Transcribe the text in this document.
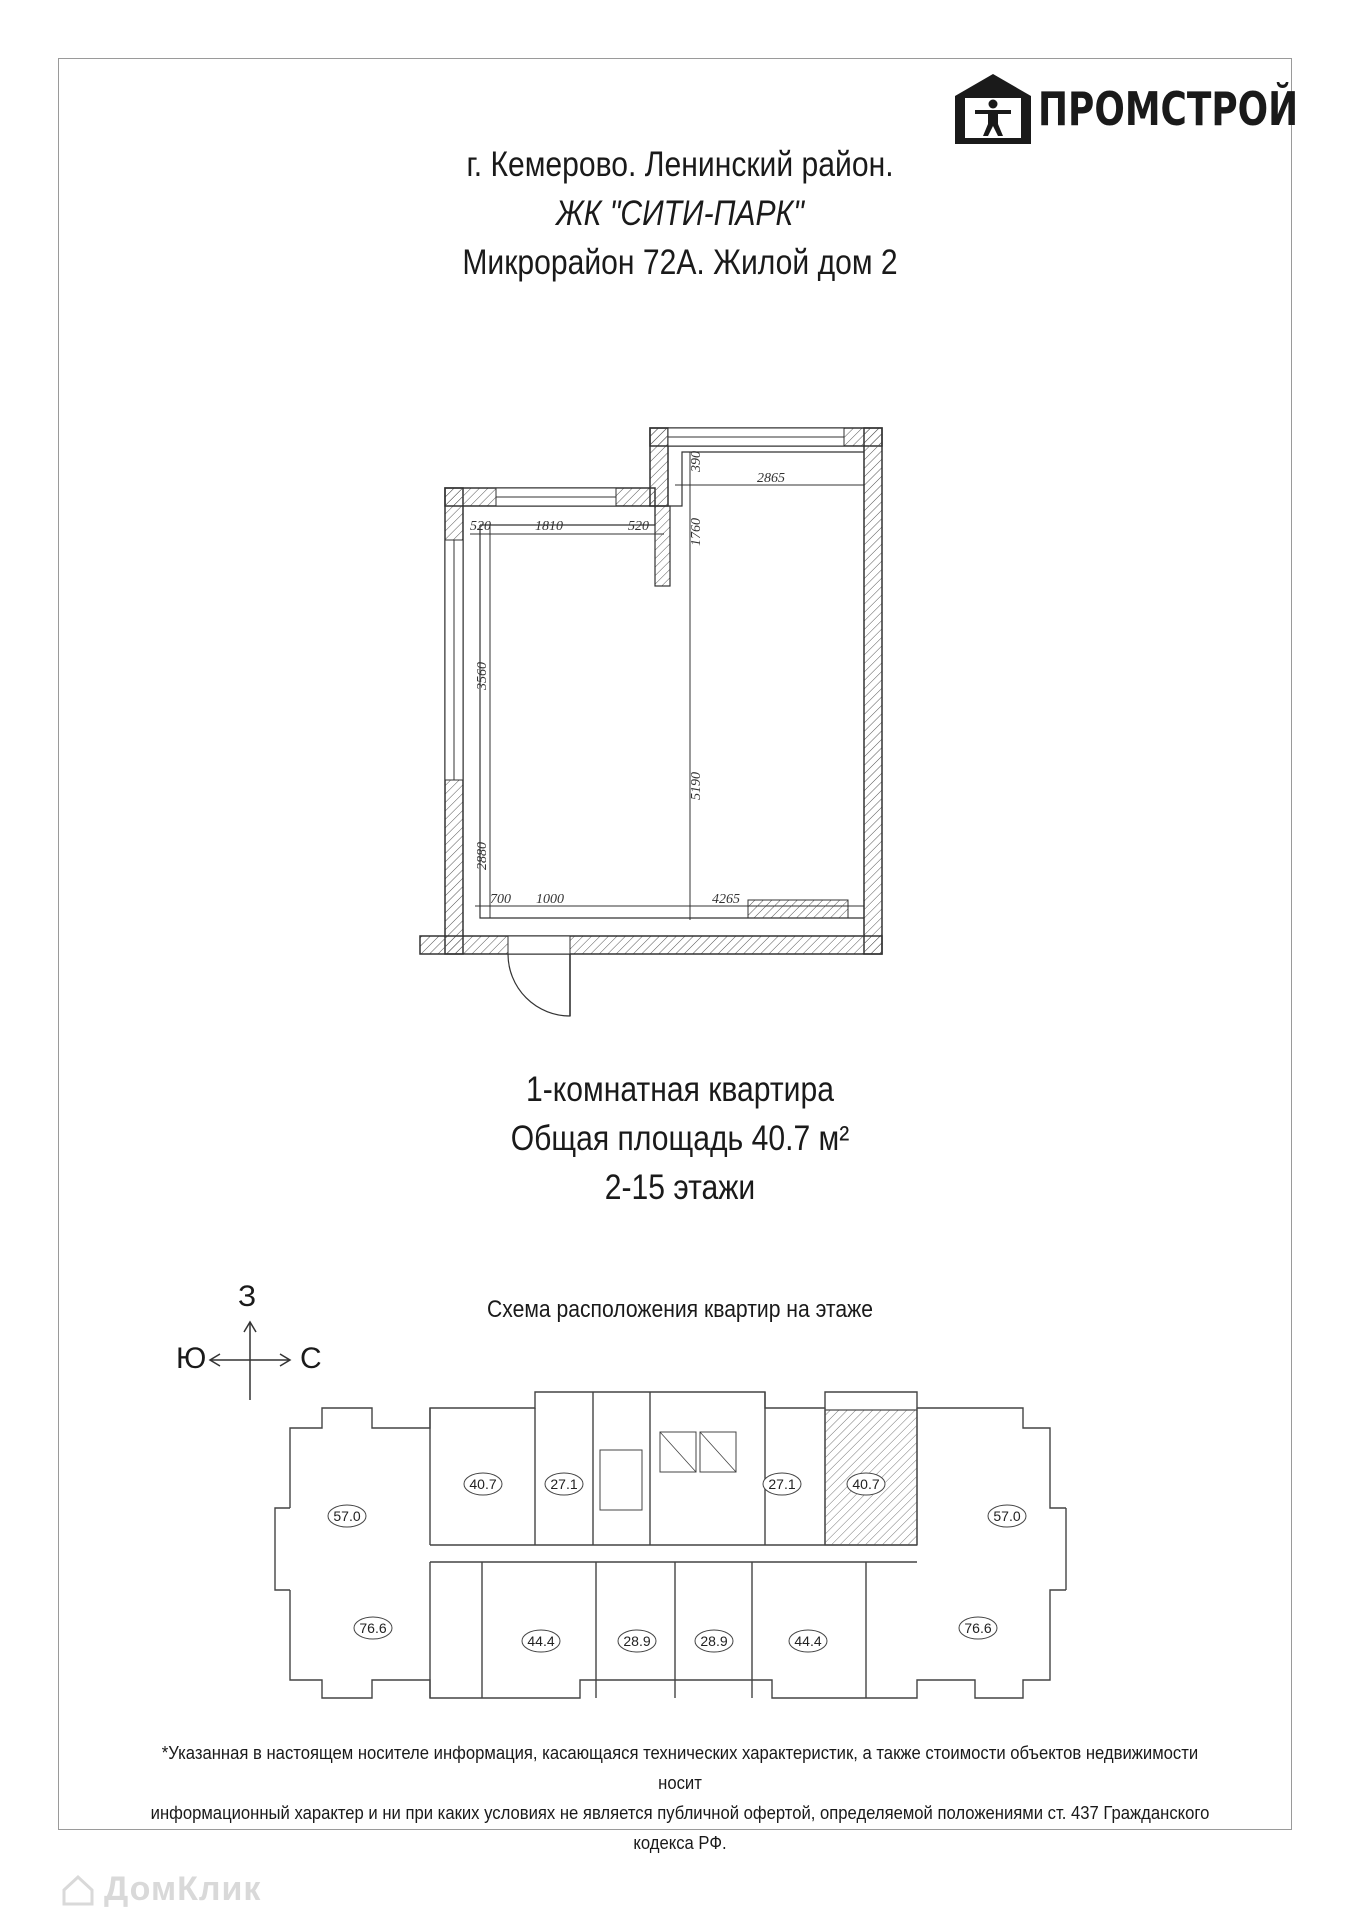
ПРОМСТРОЙ
г. Кемерово. Ленинский район.
ЖК "СИТИ-ПАРК"
Микрорайон 72А. Жилой дом 2
520	1810	520
2865
390
1760
3560
5190
2880
700 1000	4265
1-комнатная квартира
Общая площадь 40.7 м²
2-15 этажи
З
Ю	С
Схема расположения квартир на этаже
57.0
40.7	27.1	27.1	40.7
57.0
76.6
44.4	28.9	28.9	44.4
76.6
*Указанная в настоящем носителе информация, касающаяся технических характеристик, а также стоимости объектов недвижимости носит
информационный характер и ни при каких условиях не является публичной офертой, определяемой положениями ст. 437 Гражданского кодекса РФ.
ДомКлик
